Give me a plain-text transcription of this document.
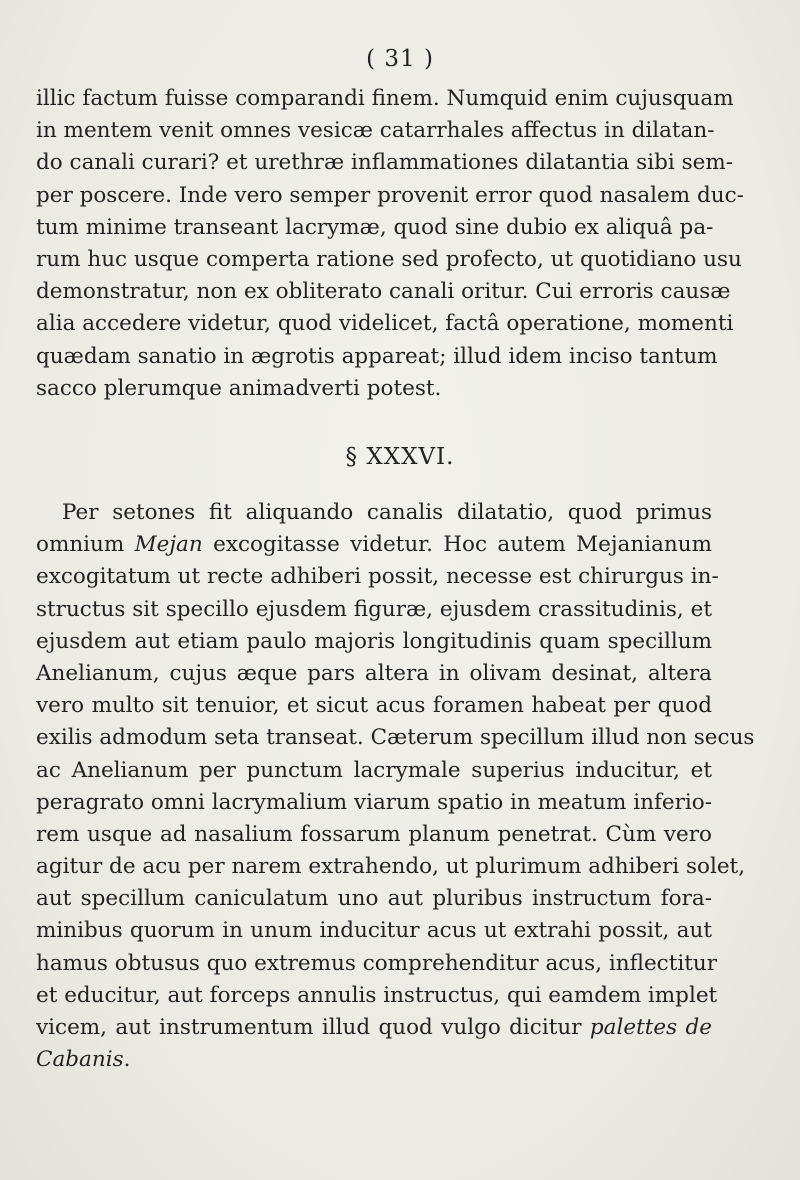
( 31 )
illic factum fuisse comparandi finem. Numquid enim cujusquam
in mentem venit omnes vesicæ catarrhales affectus in dilatan-
do canali curari? et urethræ inflammationes dilatantia sibi sem-
per poscere. Inde vero semper provenit error quod nasalem duc-
tum minime transeant lacrymæ, quod sine dubio ex aliquâ pa-
rum huc usque comperta ratione sed profecto, ut quotidiano usu
demonstratur, non ex obliterato canali oritur. Cui erroris causæ
alia accedere videtur, quod videlicet, factâ operatione, momenti
quædam sanatio in ægrotis appareat; illud idem inciso tantum
sacco plerumque animadverti potest.
§ XXXVI.
Per setones fit aliquando canalis dilatatio, quod primus
omnium Mejan excogitasse videtur. Hoc autem Mejanianum
excogitatum ut recte adhiberi possit, necesse est chirurgus in-
structus sit specillo ejusdem figuræ, ejusdem crassitudinis, et
ejusdem aut etiam paulo majoris longitudinis quam specillum
Anelianum, cujus æque pars altera in olivam desinat, altera
vero multo sit tenuior, et sicut acus foramen habeat per quod
exilis admodum seta transeat. Cæterum specillum illud non secus
ac Anelianum per punctum lacrymale superius inducitur, et
peragrato omni lacrymalium viarum spatio in meatum inferio-
rem usque ad nasalium fossarum planum penetrat. Cùm vero
agitur de acu per narem extrahendo, ut plurimum adhiberi solet,
aut specillum caniculatum uno aut pluribus instructum fora-
minibus quorum in unum inducitur acus ut extrahi possit, aut
hamus obtusus quo extremus comprehenditur acus, inflectitur
et educitur, aut forceps annulis instructus, qui eamdem implet
vicem, aut instrumentum illud quod vulgo dicitur palettes de
Cabanis.
